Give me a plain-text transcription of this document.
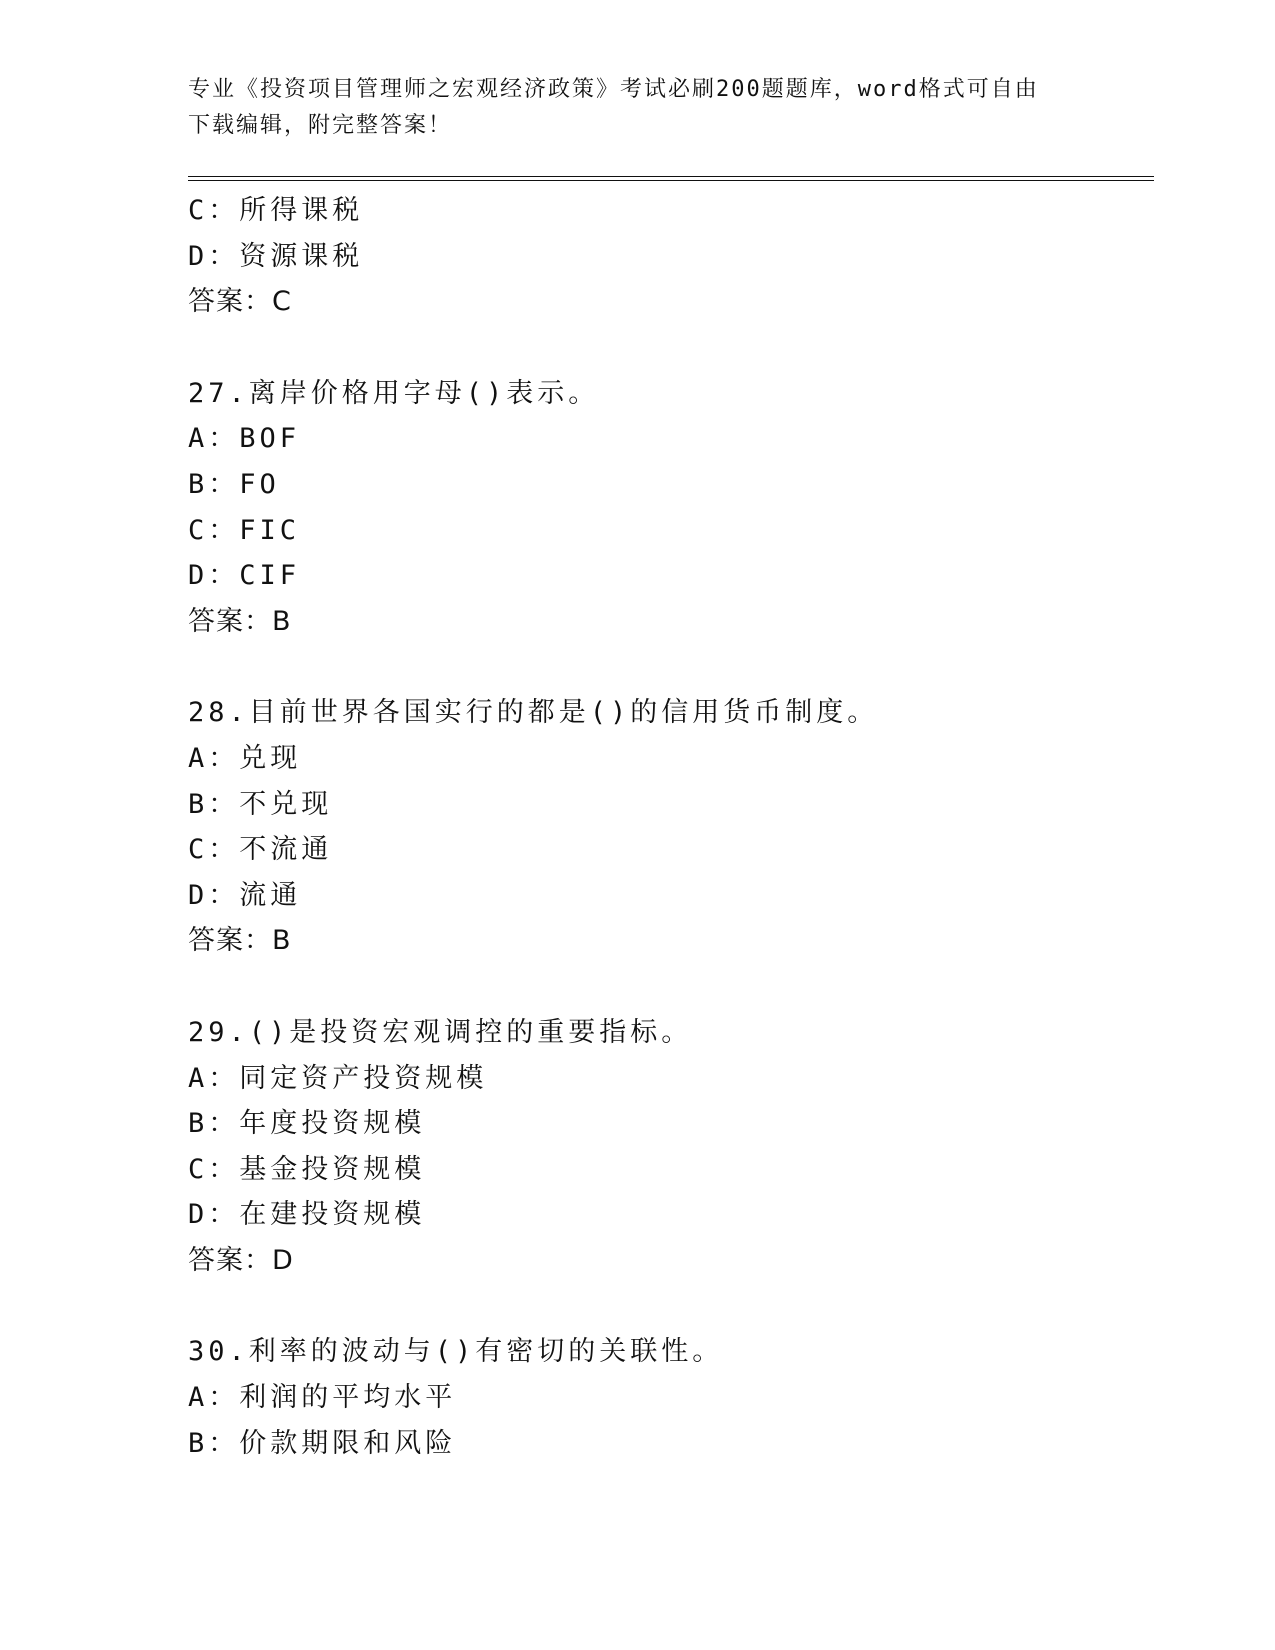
专业《投资项目管理师之宏观经济政策》考试必刷200题题库，word格式可自由
下载编辑，附完整答案！
C：所得课税
D：资源课税
答案：C
27.离岸价格用字母()表示。
A：BOF
B：FO
C：FIC
D：CIF
答案：B
28.目前世界各国实行的都是()的信用货币制度。
A：兑现
B：不兑现
C：不流通
D：流通
答案：B
29.()是投资宏观调控的重要指标。
A：同定资产投资规模
B：年度投资规模
C：基金投资规模
D：在建投资规模
答案：D
30.利率的波动与()有密切的关联性。
A：利润的平均水平
B：价款期限和风险
